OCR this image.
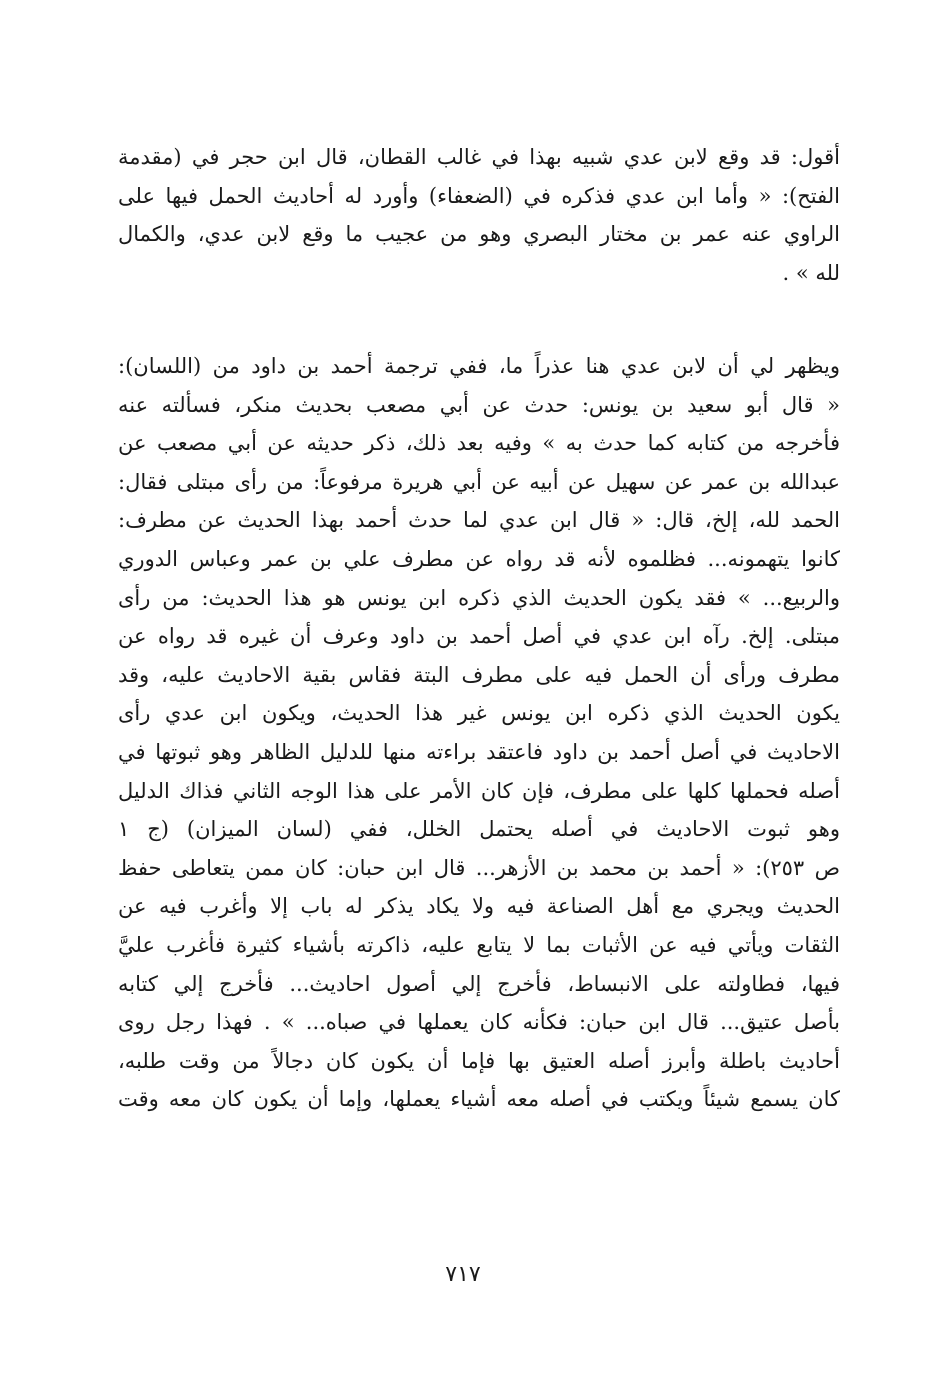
أقول: قد وقع لابن عدي شبيه بهذا في غالب القطان، قال ابن حجر في (مقدمة
الفتح): « وأما ابن عدي فذكره في (الضعفاء) وأورد له أحاديث الحمل فيها على
الراوي عنه عمر بن مختار البصري وهو من عجيب ما وقع لابن عدي، والكمال
لله » .
ويظهر لي أن لابن عدي هنا عذراً ما، ففي ترجمة أحمد بن داود من (اللسان):
« قال أبو سعيد بن يونس: حدث عن أبي مصعب بحديث منكر، فسألته عنه
فأخرجه من كتابه كما حدث به » وفيه بعد ذلك، ذكر حديثه عن أبي مصعب عن
عبدالله بن عمر عن سهيل عن أبيه عن أبي هريرة مرفوعاً: من رأى مبتلى فقال:
الحمد لله، إلخ، قال: « قال ابن عدي لما حدث أحمد بهذا الحديث عن مطرف:
كانوا يتهمونه... فظلموه لأنه قد رواه عن مطرف علي بن عمر وعباس الدوري
والربيع... » فقد يكون الحديث الذي ذكره ابن يونس هو هذا الحديث: من رأى
مبتلى. إلخ. رآه ابن عدي في أصل أحمد بن داود وعرف أن غيره قد رواه عن
مطرف ورأى أن الحمل فيه على مطرف البتة فقاس بقية الاحاديث عليه، وقد
يكون الحديث الذي ذكره ابن يونس غير هذا الحديث، ويكون ابن عدي رأى
الاحاديث في أصل أحمد بن داود فاعتقد براءته منها للدليل الظاهر وهو ثبوتها في
أصله فحملها كلها على مطرف، فإن كان الأمر على هذا الوجه الثاني فذاك الدليل
وهو ثبوت الاحاديث في أصله يحتمل الخلل، ففي (لسان الميزان) (ج ١
ص ٢٥٣): « أحمد بن محمد بن الأزهر... قال ابن حبان: كان ممن يتعاطى حفظ
الحديث ويجري مع أهل الصناعة فيه ولا يكاد يذكر له باب إلا وأغرب فيه عن
الثقات ويأتي فيه عن الأثبات بما لا يتابع عليه، ذاكرته بأشياء كثيرة فأغرب عليَّ
فيها، فطاولته على الانبساط، فأخرج إلي أصول احاديث... فأخرج إلي كتابه
بأصل عتيق... قال ابن حبان: فكأنه كان يعملها في صباه... » . فهذا رجل روى
أحاديث باطلة وأبرز أصله العتيق بها فإما أن يكون كان دجالاً من وقت طلبه،
كان يسمع شيئاً ويكتب في أصله معه أشياء يعملها، وإما أن يكون كان معه وقت
٧١٧
